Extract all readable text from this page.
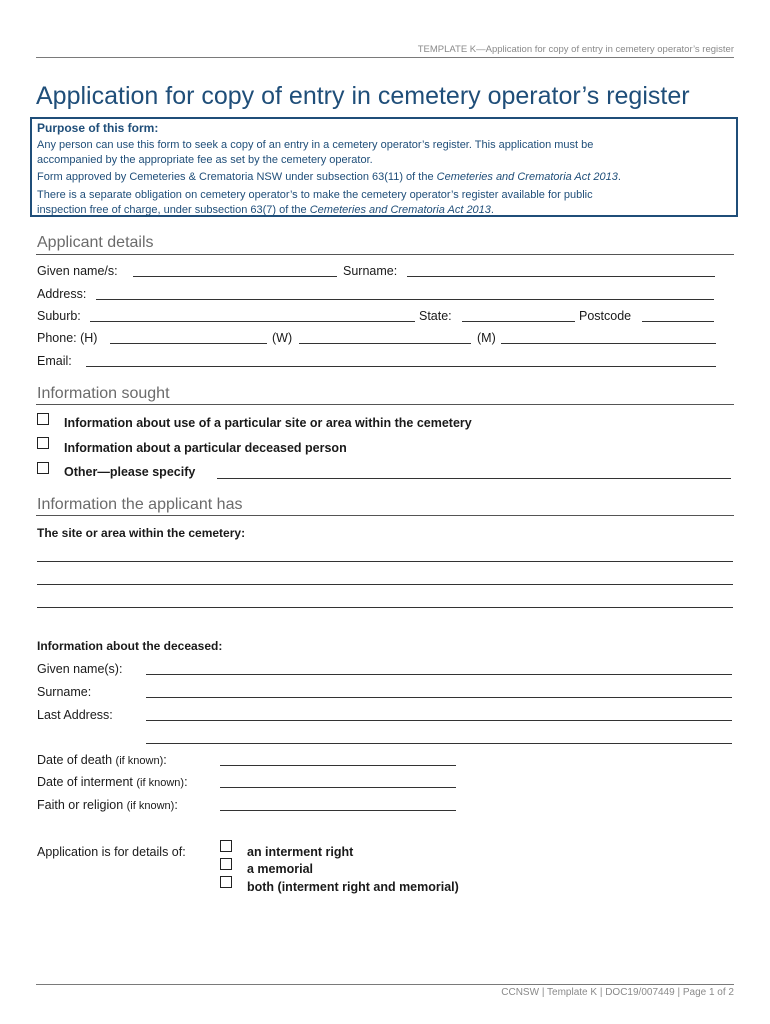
TEMPLATE K—Application for copy of entry in cemetery operator’s register
Application for copy of entry in cemetery operator’s register
Purpose of this form:
Any person can use this form to seek a copy of an entry in a cemetery operator’s register. This application must be
accompanied by the appropriate fee as set by the cemetery operator.
Form approved by Cemeteries & Crematoria NSW under subsection 63(11) of the Cemeteries and Crematoria Act 2013.
There is a separate obligation on cemetery operator’s to make the cemetery operator’s register available for public
inspection free of charge, under subsection 63(7) of the Cemeteries and Crematoria Act 2013.
Applicant details
Given name/s:	Surname:
Address:
Suburb:	State:	Postcode
Phone: (H)	(W)	(M)
Email:
Information sought
Information about use of a particular site or area within the cemetery
Information about a particular deceased person
Other—please specify
Information the applicant has
The site or area within the cemetery:
Information about the deceased:
Given name(s):
Surname:
Last Address:
Date of death (if known):
Date of interment (if known):
Faith or religion (if known):
Application is for details of:	an interment right
a memorial
both (interment right and memorial)
CCNSW | Template K | DOC19/007449 | Page 1 of 2
